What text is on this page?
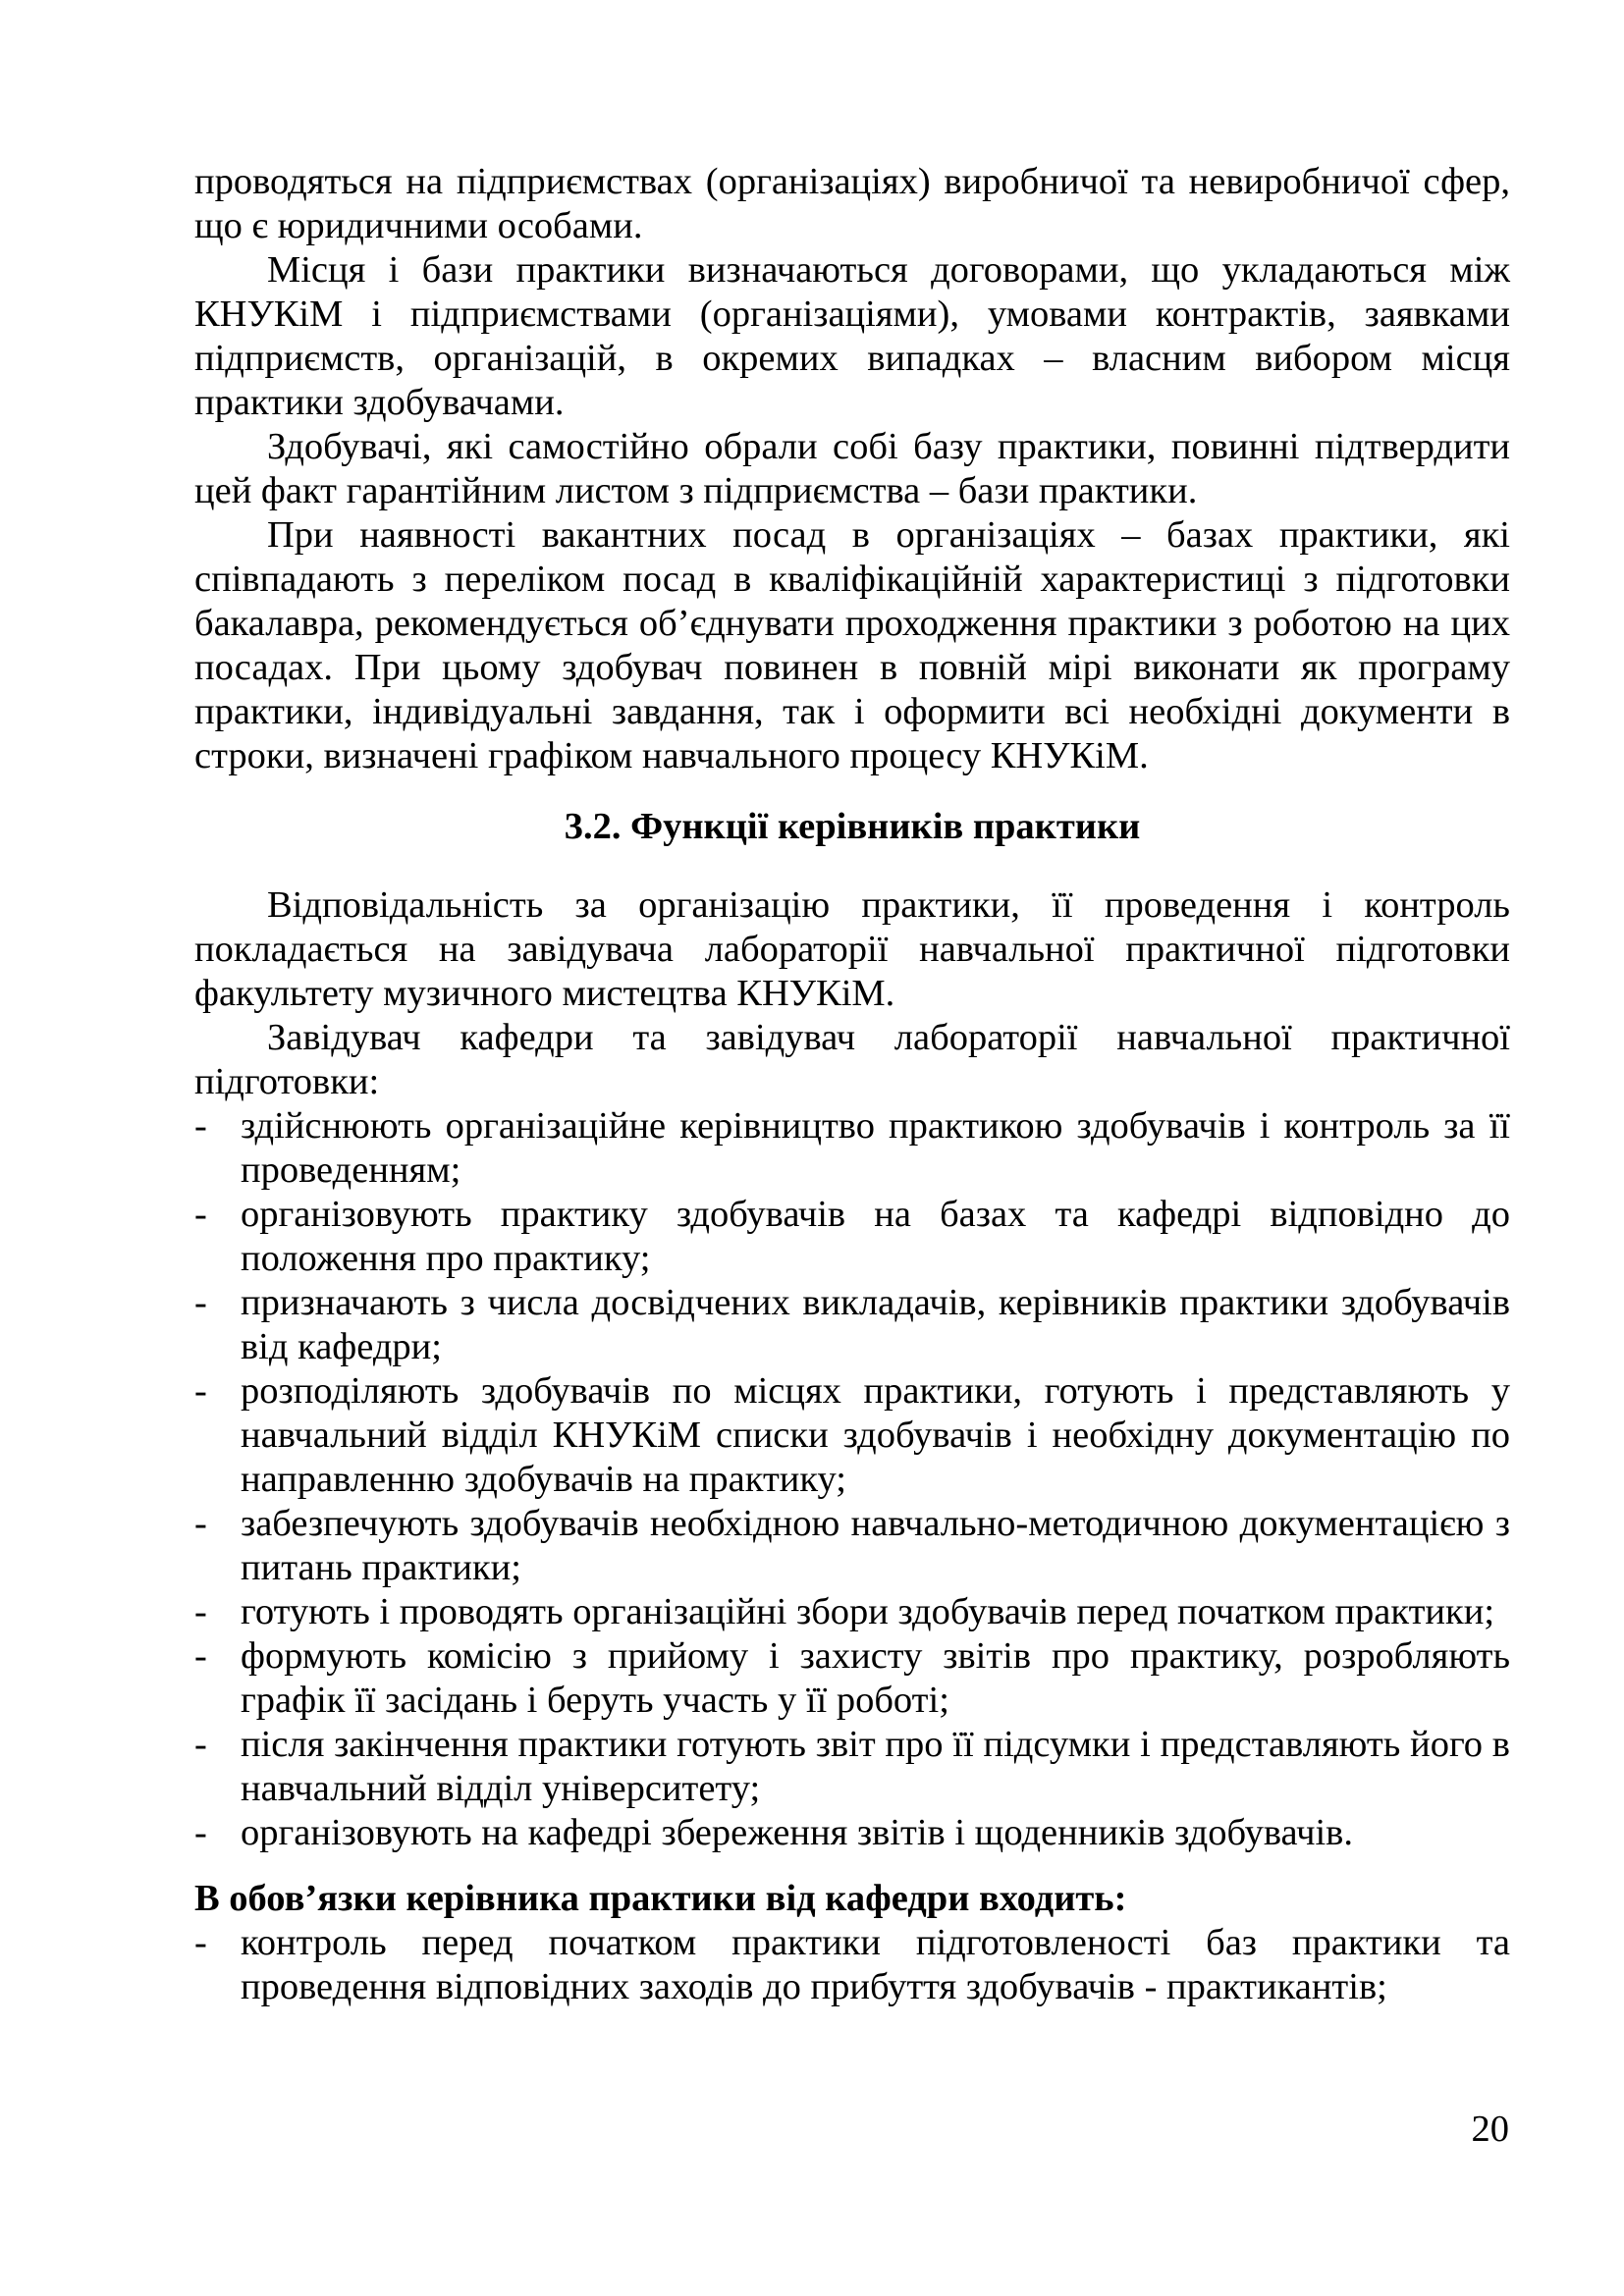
проводяться на підприємствах (організаціях) виробничої та невиробничої сфер, що є юридичними особами.

Місця і бази практики визначаються договорами, що укладаються між КНУКіМ і підприємствами (організаціями), умовами контрактів, заявками підприємств, організацій, в окремих випадках – власним вибором місця практики здобувачами.

Здобувачі, які самостійно обрали собі базу практики, повинні підтвердити цей факт гарантійним листом з підприємства – бази практики.

При наявності вакантних посад в організаціях – базах практики, які співпадають з переліком посад в кваліфікаційній характеристиці з підготовки бакалавра, рекомендується об’єднувати проходження практики з роботою на цих посадах. При цьому здобувач повинен в повній мірі виконати як програму практики, індивідуальні завдання, так і оформити всі необхідні документи в строки, визначені графіком навчального процесу КНУКіМ.

3.2. Функції керівників практики

Відповідальність за організацію практики, її проведення і контроль покладається на завідувача лабораторії навчальної практичної підготовки факультету музичного мистецтва КНУКіМ.

Завідувач кафедри та завідувач лабораторії навчальної практичної підготовки:

- здійснюють організаційне керівництво практикою здобувачів і контроль за її проведенням;
- організовують практику здобувачів на базах та кафедрі відповідно до положення про практику;
- призначають з числа досвідчених викладачів, керівників практики здобувачів від кафедри;
- розподіляють здобувачів по місцях практики, готують і представляють у навчальний відділ КНУКіМ списки здобувачів і необхідну документацію по направленню здобувачів на практику;
- забезпечують здобувачів необхідною навчально-методичною документацією з питань практики;
- готують і проводять організаційні збори здобувачів перед початком практики;
- формують комісію з прийому і захисту звітів про практику, розробляють графік її засідань і беруть участь у її роботі;
- після закінчення практики готують звіт про її підсумки і представляють його в навчальний відділ університету;
- організовують на кафедрі збереження звітів і щоденників здобувачів.

В обов’язки керівника практики від кафедри входить:

- контроль перед початком практики підготовленості баз практики та проведення відповідних заходів до прибуття здобувачів - практикантів;
20
